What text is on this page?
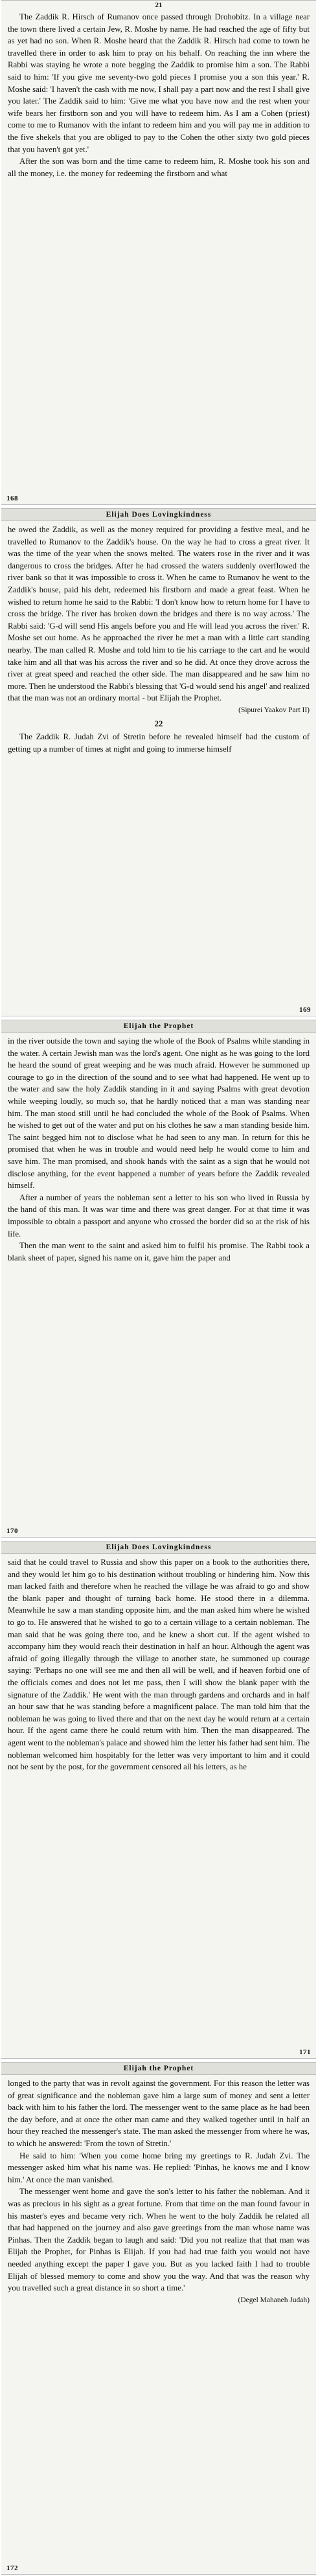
21

The Zaddik R. Hirsch of Rumanov once passed through Drohobitz. In a village near the town there lived a certain Jew, R. Moshe by name. He had reached the age of fifty but as yet had no son. When R. Moshe heard that the Zaddik R. Hirsch had come to town he travelled there in order to ask him to pray on his behalf. On reaching the inn where the Rabbi was staying he wrote a note begging the Zaddik to promise him a son. The Rabbi said to him: 'If you give me seventy-two gold pieces I promise you a son this year.' R. Moshe said: 'I haven't the cash with me now, I shall pay a part now and the rest I shall give you later.' The Zaddik said to him: 'Give me what you have now and the rest when your wife bears her firstborn son and you will have to redeem him. As I am a Cohen (priest) come to me to Rumanov with the infant to redeem him and you will pay me in addition to the five shekels that you are obliged to pay to the Cohen the other sixty two gold pieces that you haven't got yet.'

After the son was born and the time came to redeem him, R. Moshe took his son and all the money, i.e. the money for redeeming the firstborn and what

168
Elijah Does Lovingkindness

he owed the Zaddik, as well as the money required for providing a festive meal, and he travelled to Rumanov to the Zaddik's house. On the way he had to cross a great river. It was the time of the year when the snows melted. The waters rose in the river and it was dangerous to cross the bridges. After he had crossed the waters suddenly overflowed the river bank so that it was impossible to cross it. When he came to Rumanov he went to the Zaddik's house, paid his debt, redeemed his firstborn and made a great feast. When he wished to return home he said to the Rabbi: 'I don't know how to return home for I have to cross the bridge. The river has broken down the bridges and there is no way across.' The Rabbi said: 'G-d will send His angels before you and He will lead you across the river.' R. Moshe set out home. As he approached the river he met a man with a little cart standing nearby. The man called R. Moshe and told him to tie his carriage to the cart and he would take him and all that was his across the river and so he did. At once they drove across the river at great speed and reached the other side. The man disappeared and he saw him no more. Then he understood the Rabbi's blessing that 'G-d would send his angel' and realized that the man was not an ordinary mortal - but Elijah the Prophet.

(Sipurei Yaakov Part II)

22

The Zaddik R. Judah Zvi of Stretin before he revealed himself had the custom of getting up a number of times at night and going to immerse himself

169
Elijah the Prophet

in the river outside the town and saying the whole of the Book of Psalms while standing in the water. A certain Jewish man was the lord's agent. One night as he was going to the lord he heard the sound of great weeping and he was much afraid. However he summoned up courage to go in the direction of the sound and to see what had happened. He went up to the water and saw the holy Zaddik standing in it and saying Psalms with great devotion while weeping loudly, so much so, that he hardly noticed that a man was standing near him. The man stood still until he had concluded the whole of the Book of Psalms. When he wished to get out of the water and put on his clothes he saw a man standing beside him. The saint begged him not to disclose what he had seen to any man. In return for this he promised that when he was in trouble and would need help he would come to him and save him. The man promised, and shook hands with the saint as a sign that he would not disclose anything, for the event happened a number of years before the Zaddik revealed himself.

After a number of years the nobleman sent a letter to his son who lived in Russia by the hand of this man. It was war time and there was great danger. For at that time it was impossible to obtain a passport and anyone who crossed the border did so at the risk of his life.

Then the man went to the saint and asked him to fulfil his promise. The Rabbi took a blank sheet of paper, signed his name on it, gave him the paper and

170
Elijah Does Lovingkindness

said that he could travel to Russia and show this paper on a book to the authorities there, and they would let him go to his destination without troubling or hindering him. Now this man lacked faith and therefore when he reached the village he was afraid to go and show the blank paper and thought of turning back home. He stood there in a dilemma. Meanwhile he saw a man standing opposite him, and the man asked him where he wished to go to. He answered that he wished to go to a certain village to a certain nobleman. The man said that he was going there too, and he knew a short cut. If the agent wished to accompany him they would reach their destination in half an hour. Although the agent was afraid of going illegally through the village to another state, he summoned up courage saying: 'Perhaps no one will see me and then all will be well, and if heaven forbid one of the officials comes and does not let me pass, then I will show the blank paper with the signature of the Zaddik.' He went with the man through gardens and orchards and in half an hour saw that he was standing before a magnificent palace. The man told him that the nobleman he was going to lived there and that on the next day he would return at a certain hour. If the agent came there he could return with him. Then the man disappeared. The agent went to the nobleman's palace and showed him the letter his father had sent him. The nobleman welcomed him hospitably for the letter was very important to him and it could not be sent by the post, for the government censored all his letters, as he

171
Elijah the Prophet

longed to the party that was in revolt against the government. For this reason the letter was of great significance and the nobleman gave him a large sum of money and sent a letter back with him to his father the lord. The messenger went to the same place as he had been the day before, and at once the other man came and they walked together until in half an hour they reached the messenger's state. The man asked the messenger from where he was, to which he answered: 'From the town of Stretin.'

He said to him: 'When you come home bring my greetings to R. Judah Zvi. The messenger asked him what his name was. He replied: 'Pinhas, he knows me and I know him.' At once the man vanished.

The messenger went home and gave the son's letter to his father the nobleman. And it was as precious in his sight as a great fortune. From that time on the man found favour in his master's eyes and became very rich. When he went to the holy Zaddik he related all that had happened on the journey and also gave greetings from the man whose name was Pinhas. Then the Zaddik began to laugh and said: 'Did you not realize that that man was Elijah the Prophet, for Pinhas is Elijah. If you had had true faith you would not have needed anything except the paper I gave you. But as you lacked faith I had to trouble Elijah of blessed memory to come and show you the way. And that was the reason why you travelled such a great distance in so short a time.'

(Degel Mahaneh Judah)

172
